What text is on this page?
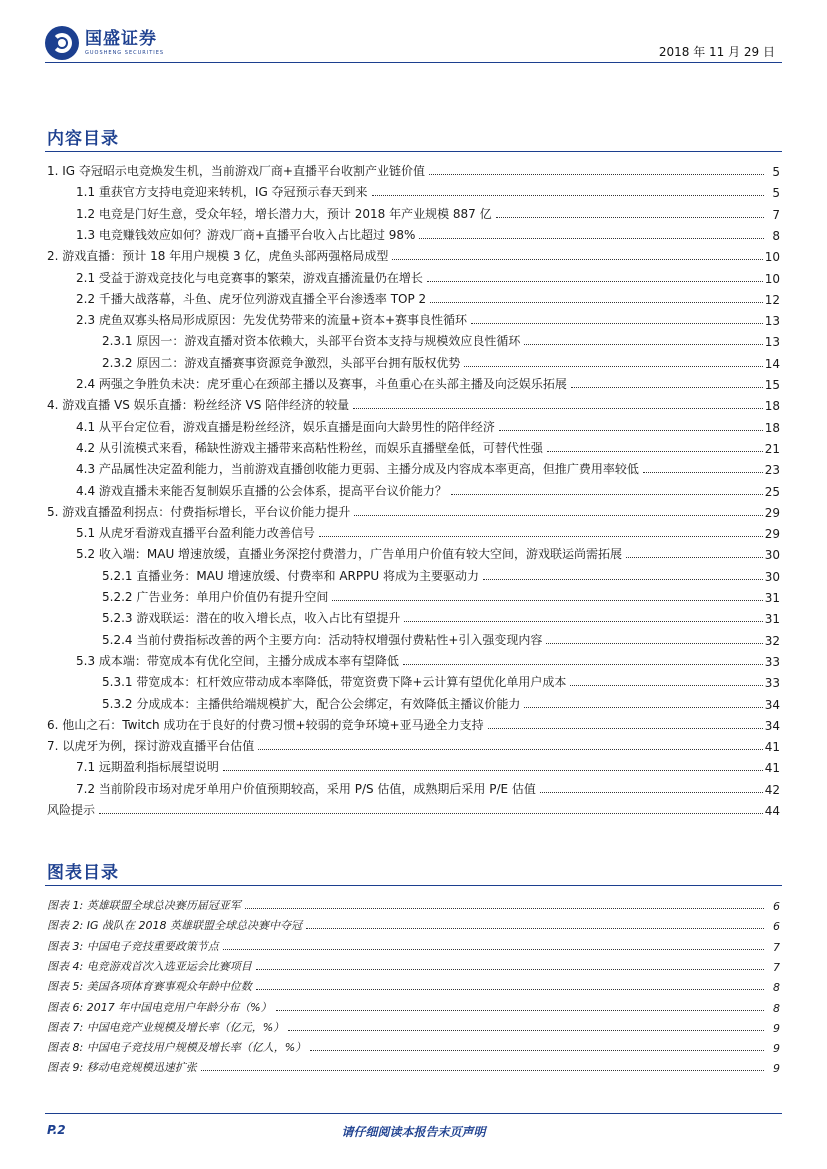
国盛证券
GUOSHENG SECURITIES	2018 年 11 月 29 日
内容目录
1. IG 夺冠昭示电竞焕发生机，当前游戏厂商+直播平台收割产业链价值	5
1.1 重获官方支持电竞迎来转机，IG 夺冠预示春天到来	5
1.2 电竞是门好生意，受众年轻，增长潜力大，预计 2018 年产业规模 887 亿	7
1.3 电竞赚钱效应如何？游戏厂商+直播平台收入占比超过 98%	8
2. 游戏直播：预计 18 年用户规模 3 亿，虎鱼头部两强格局成型	10
2.1 受益于游戏竞技化与电竞赛事的繁荣，游戏直播流量仍在增长	10
2.2 千播大战落幕，斗鱼、虎牙位列游戏直播全平台渗透率 TOP 2	12
2.3 虎鱼双寡头格局形成原因：先发优势带来的流量+资本+赛事良性循环	13
2.3.1 原因一：游戏直播对资本依赖大，头部平台资本支持与规模效应良性循环	13
2.3.2 原因二：游戏直播赛事资源竞争激烈，头部平台拥有版权优势	14
2.4 两强之争胜负未决：虎牙重心在颈部主播以及赛事，斗鱼重心在头部主播及向泛娱乐拓展	15
4. 游戏直播 VS 娱乐直播：粉丝经济 VS 陪伴经济的较量	18
4.1 从平台定位看，游戏直播是粉丝经济，娱乐直播是面向大龄男性的陪伴经济	18
4.2 从引流模式来看，稀缺性游戏主播带来高粘性粉丝，而娱乐直播壁垒低，可替代性强	21
4.3 产品属性决定盈利能力，当前游戏直播创收能力更弱、主播分成及内容成本率更高，但推广费用率较低	23
4.4 游戏直播未来能否复制娱乐直播的公会体系，提高平台议价能力？	25
5. 游戏直播盈利拐点：付费指标增长，平台议价能力提升	29
5.1 从虎牙看游戏直播平台盈利能力改善信号	29
5.2 收入端：MAU 增速放缓，直播业务深挖付费潜力，广告单用户价值有较大空间，游戏联运尚需拓展	30
5.2.1 直播业务：MAU 增速放缓、付费率和 ARPPU 将成为主要驱动力	30
5.2.2 广告业务：单用户价值仍有提升空间	31
5.2.3 游戏联运：潜在的收入增长点，收入占比有望提升	31
5.2.4 当前付费指标改善的两个主要方向：活动特权增强付费粘性+引入强变现内容	32
5.3 成本端：带宽成本有优化空间，主播分成成本率有望降低	33
5.3.1 带宽成本：杠杆效应带动成本率降低，带宽资费下降+云计算有望优化单用户成本	33
5.3.2 分成成本：主播供给端规模扩大，配合公会绑定，有效降低主播议价能力	34
6. 他山之石：Twitch 成功在于良好的付费习惯+较弱的竞争环境+亚马逊全力支持	34
7. 以虎牙为例，探讨游戏直播平台估值	41
7.1 远期盈利指标展望说明	41
7.2 当前阶段市场对虎牙单用户价值预期较高，采用 P/S 估值，成熟期后采用 P/E 估值	42
风险提示	44
图表目录
图表 1: 英雄联盟全球总决赛历届冠亚军	6
图表 2: IG 战队在 2018 英雄联盟全球总决赛中夺冠	6
图表 3: 中国电子竞技重要政策节点	7
图表 4: 电竞游戏首次入选亚运会比赛项目	7
图表 5: 美国各项体育赛事观众年龄中位数	8
图表 6: 2017 年中国电竞用户年龄分布（%）	8
图表 7: 中国电竞产业规模及增长率（亿元，%）	9
图表 8: 中国电子竞技用户规模及增长率（亿人，%）	9
图表 9: 移动电竞规模迅速扩张	9
P.2	请仔细阅读本报告末页声明
